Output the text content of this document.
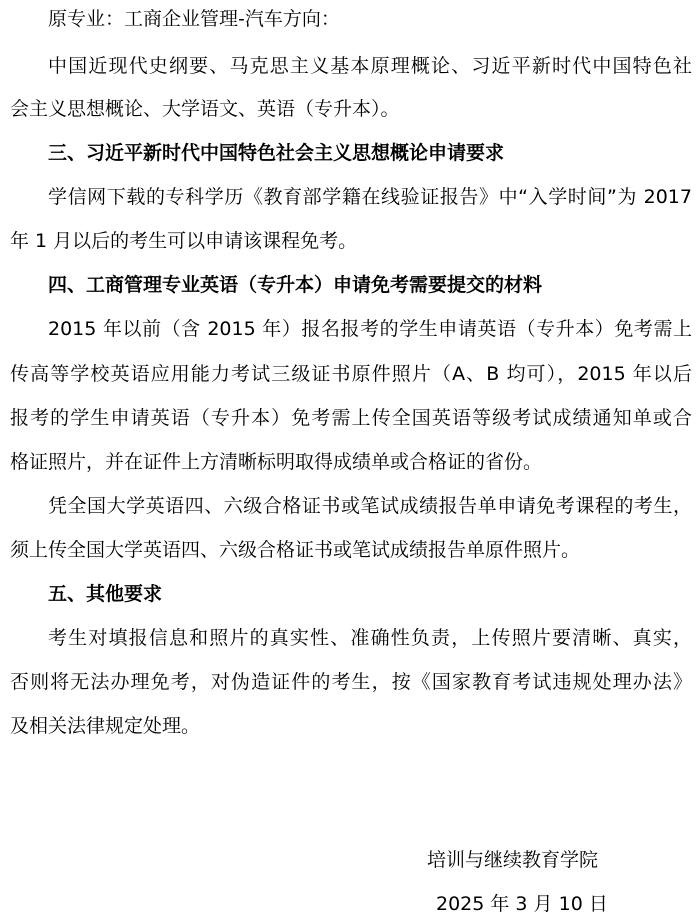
原专业：工商企业管理-汽车方向：
中国近现代史纲要、马克思主义基本原理概论、习近平新时代中国特色社
会主义思想概论、大学语文、英语（专升本）。
三、习近平新时代中国特色社会主义思想概论申请要求
学信网下载的专科学历《教育部学籍在线验证报告》中“入学时间”为 2017
年 1 月以后的考生可以申请该课程免考。
四、工商管理专业英语（专升本）申请免考需要提交的材料
2015 年以前（含 2015 年）报名报考的学生申请英语（专升本）免考需上
传高等学校英语应用能力考试三级证书原件照片（A、B 均可），2015 年以后
报考的学生申请英语（专升本）免考需上传全国英语等级考试成绩通知单或合
格证照片，并在证件上方清晰标明取得成绩单或合格证的省份。
凭全国大学英语四、六级合格证书或笔试成绩报告单申请免考课程的考生，
须上传全国大学英语四、六级合格证书或笔试成绩报告单原件照片。
五、其他要求
考生对填报信息和照片的真实性、准确性负责，上传照片要清晰、真实，
否则将无法办理免考，对伪造证件的考生，按《国家教育考试违规处理办法》
及相关法律规定处理。
培训与继续教育学院
2025 年 3 月 10 日
